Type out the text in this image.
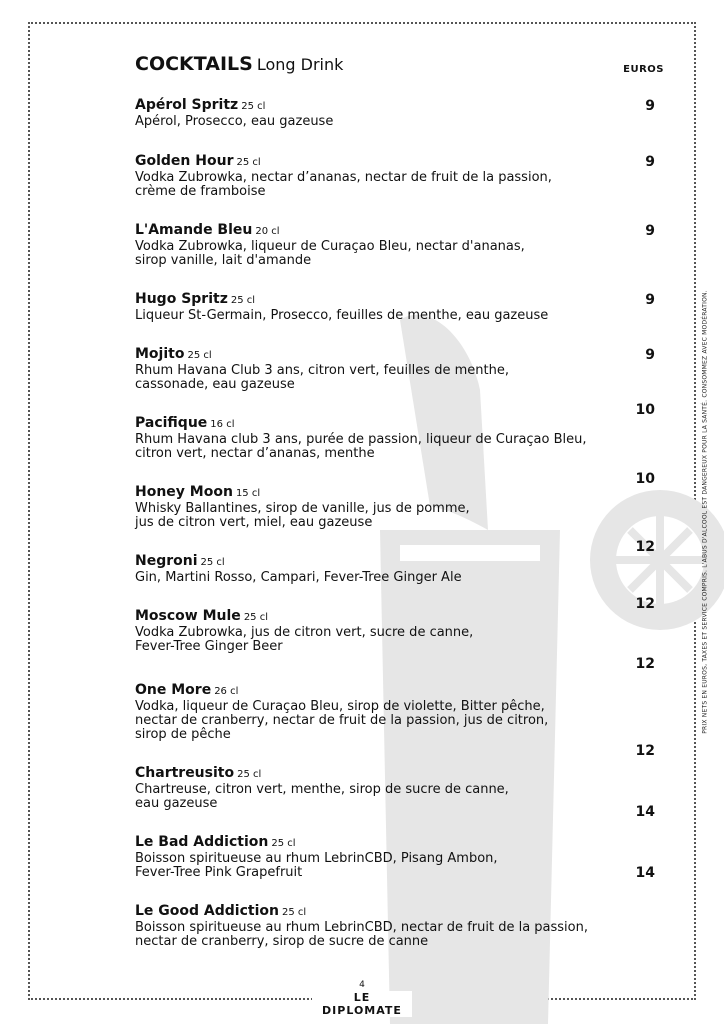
COCKTAILS Long Drink	EUROS
Apérol Spritz 25 cl
Apérol, Prosecco, eau gazeuse
9
Golden Hour 25 cl
Vodka Zubrowka, nectar d’ananas, nectar de fruit de la passion,
crème de framboise
9
L'Amande Bleu 20 cl
Vodka Zubrowka, liqueur de Curaçao Bleu, nectar d'ananas,
sirop vanille, lait d'amande
9
Hugo Spritz 25 cl
Liqueur St-Germain, Prosecco, feuilles de menthe, eau gazeuse
9
Mojito 25 cl
Rhum Havana Club 3 ans, citron vert, feuilles de menthe,
cassonade, eau gazeuse
9
Pacifique 16 cl
Rhum Havana club 3 ans, purée de passion, liqueur de Curaçao Bleu,
citron vert, nectar d’ananas, menthe
10
Honey Moon 15 cl
Whisky Ballantines, sirop de vanille, jus de pomme,
jus de citron vert, miel, eau gazeuse
10
Negroni 25 cl
Gin, Martini Rosso, Campari, Fever-Tree Ginger Ale
12
Moscow Mule 25 cl
Vodka Zubrowka, jus de citron vert, sucre de canne,
Fever-Tree Ginger Beer
12
One More 26 cl
Vodka, liqueur de Curaçao Bleu, sirop de violette, Bitter pêche,
nectar de cranberry, nectar de fruit de la passion, jus de citron,
sirop de pêche
12
Chartreusito 25 cl
Chartreuse, citron vert, menthe, sirop de sucre de canne,
eau gazeuse
12
Le Bad Addiction 25 cl
Boisson spiritueuse au rhum LebrinCBD, Pisang Ambon,
Fever-Tree Pink Grapefruit
14
Le Good Addiction 25 cl
Boisson spiritueuse au rhum LebrinCBD, nectar de fruit de la passion,
nectar de cranberry, sirop de sucre de canne
14
PRIX NETS EN EUROS, TAXES ET SERVICE COMPRIS. L'ABUS D'ALCOOL EST DANGEREUX POUR LA SANTÉ. CONSOMMEZ AVEC MODÉRATION.
4
LE DIPLOMATE
